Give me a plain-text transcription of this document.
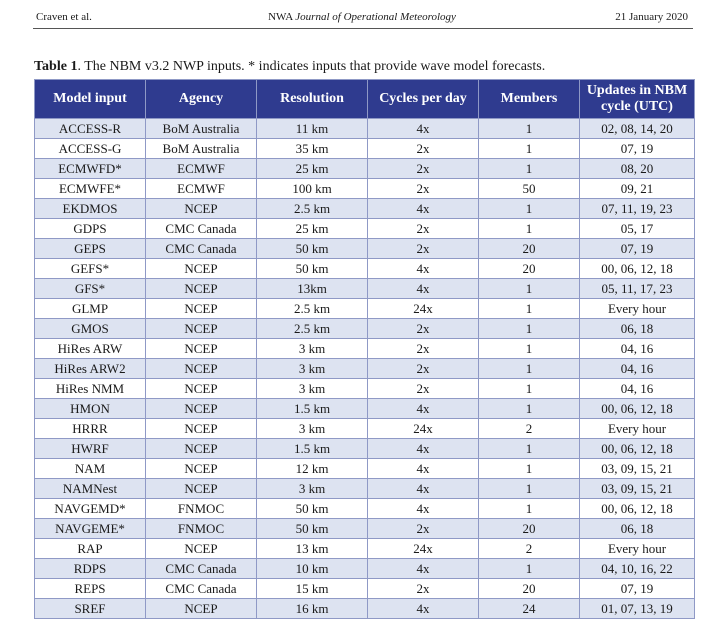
Craven et al.	NWA Journal of Operational Meteorology	21 January 2020
Table 1. The NBM v3.2 NWP inputs. * indicates inputs that provide wave model forecasts.
Model input	Agency	Resolution	Cycles per day	Members	Updates in NBM cycle (UTC)
ACCESS-R	BoM Australia	11 km	4x	1	02, 08, 14, 20
ACCESS-G	BoM Australia	35 km	2x	1	07, 19
ECMWFD*	ECMWF	25 km	2x	1	08, 20
ECMWFE*	ECMWF	100 km	2x	50	09, 21
EKDMOS	NCEP	2.5 km	4x	1	07, 11, 19, 23
GDPS	CMC Canada	25 km	2x	1	05, 17
GEPS	CMC Canada	50 km	2x	20	07, 19
GEFS*	NCEP	50 km	4x	20	00, 06, 12, 18
GFS*	NCEP	13km	4x	1	05, 11, 17, 23
GLMP	NCEP	2.5 km	24x	1	Every hour
GMOS	NCEP	2.5 km	2x	1	06, 18
HiRes ARW	NCEP	3 km	2x	1	04, 16
HiRes ARW2	NCEP	3 km	2x	1	04, 16
HiRes NMM	NCEP	3 km	2x	1	04, 16
HMON	NCEP	1.5 km	4x	1	00, 06, 12, 18
HRRR	NCEP	3 km	24x	2	Every hour
HWRF	NCEP	1.5 km	4x	1	00, 06, 12, 18
NAM	NCEP	12 km	4x	1	03, 09, 15, 21
NAMNest	NCEP	3 km	4x	1	03, 09, 15, 21
NAVGEMD*	FNMOC	50 km	4x	1	00, 06, 12, 18
NAVGEME*	FNMOC	50 km	2x	20	06, 18
RAP	NCEP	13 km	24x	2	Every hour
RDPS	CMC Canada	10 km	4x	1	04, 10, 16, 22
REPS	CMC Canada	15 km	2x	20	07, 19
SREF	NCEP	16 km	4x	24	01, 07, 13, 19
